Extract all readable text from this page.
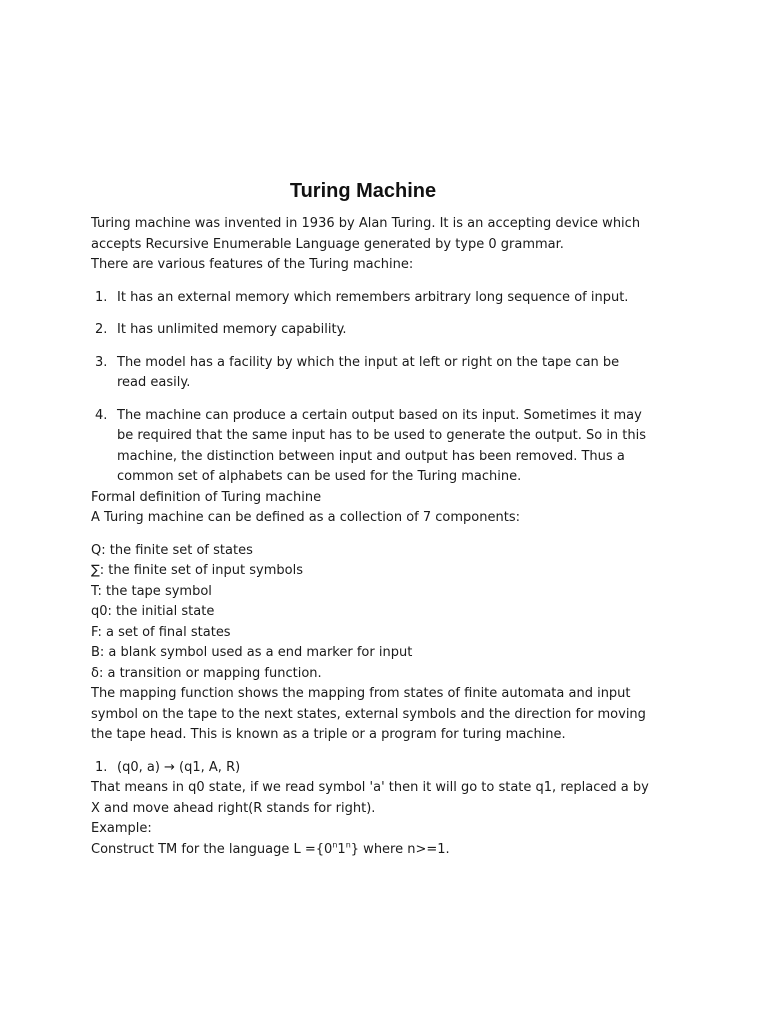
Turing Machine

Turing machine was invented in 1936 by Alan Turing. It is an accepting device which accepts Recursive Enumerable Language generated by type 0 grammar.

There are various features of the Turing machine:

1. It has an external memory which remembers arbitrary long sequence of input.
2. It has unlimited memory capability.
3. The model has a facility by which the input at left or right on the tape can be read easily.
4. The machine can produce a certain output based on its input. Sometimes it may be required that the same input has to be used to generate the output. So in this machine, the distinction between input and output has been removed. Thus a common set of alphabets can be used for the Turing machine.

Formal definition of Turing machine

A Turing machine can be defined as a collection of 7 components:

Q: the finite set of states
∑: the finite set of input symbols
T: the tape symbol
q0: the initial state
F: a set of final states
B: a blank symbol used as a end marker for input
δ: a transition or mapping function.

The mapping function shows the mapping from states of finite automata and input symbol on the tape to the next states, external symbols and the direction for moving the tape head. This is known as a triple or a program for turing machine.

1. (q0, a) → (q1, A, R)

That means in q0 state, if we read symbol 'a' then it will go to state q1, replaced a by X and move ahead right(R stands for right).

Example:

Construct TM for the language $L =\{0^n1^n\}$ where n>=1.
